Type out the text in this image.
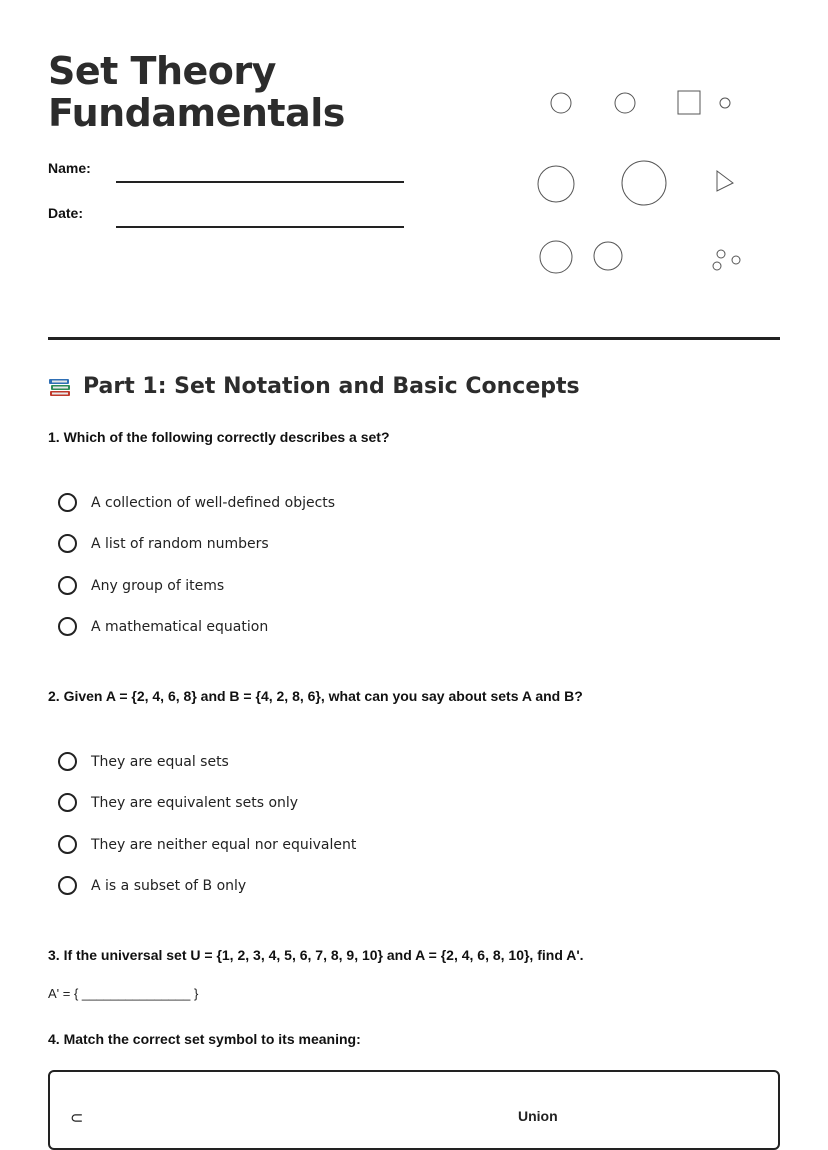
Set Theory
Fundamentals
Name:
Date:
Part 1: Set Notation and Basic Concepts
1. Which of the following correctly describes a set?
A collection of well-defined objects
A list of random numbers
Any group of items
A mathematical equation
2. Given A = {2, 4, 6, 8} and B = {4, 2, 8, 6}, what can you say about sets A and B?
They are equal sets
They are equivalent sets only
They are neither equal nor equivalent
A is a subset of B only
3. If the universal set U = {1, 2, 3, 4, 5, 6, 7, 8, 9, 10} and A = {2, 4, 6, 8, 10}, find A'.
A' = { _______________ }
4. Match the correct set symbol to its meaning:
⊂	Union
